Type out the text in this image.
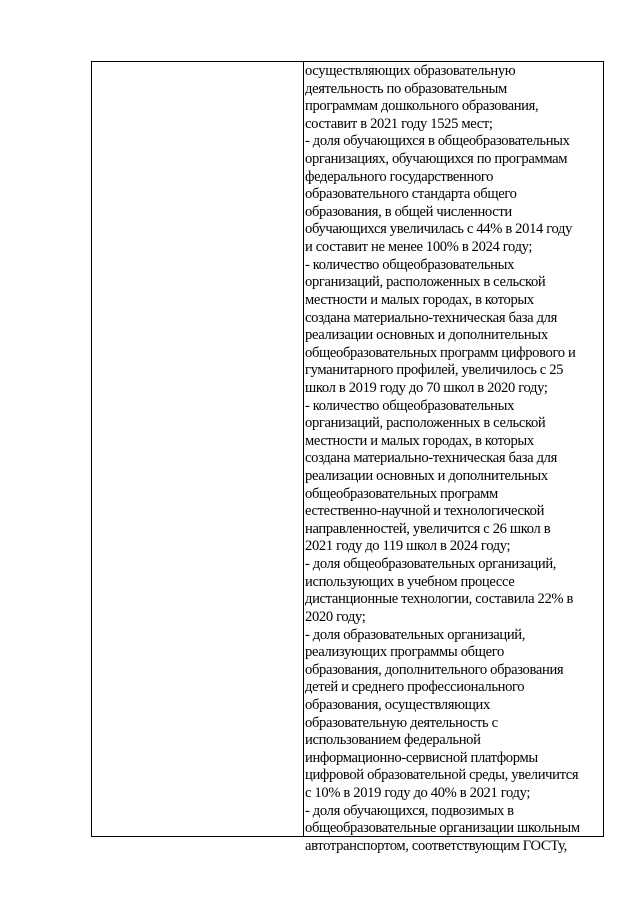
осуществляющих образовательную
деятельность по образовательным
программам дошкольного образования,
составит в 2021 году 1525 мест;
- доля обучающихся в общеобразовательных
организациях, обучающихся по программам
федерального государственного
образовательного стандарта общего
образования, в общей численности
обучающихся увеличилась с 44% в 2014 году
и составит не менее 100% в 2024 году;
- количество общеобразовательных
организаций, расположенных в сельской
местности и малых городах, в которых
создана материально-техническая база для
реализации основных и дополнительных
общеобразовательных программ цифрового и
гуманитарного профилей, увеличилось с 25
школ в 2019 году до 70 школ в 2020 году;
- количество общеобразовательных
организаций, расположенных в сельской
местности и малых городах, в которых
создана материально-техническая база для
реализации основных и дополнительных
общеобразовательных программ
естественно-научной и технологической
направленностей, увеличится с 26 школ в
2021 году до 119 школ в 2024 году;
- доля общеобразовательных организаций,
использующих в учебном процессе
дистанционные технологии, составила 22% в
2020 году;
- доля образовательных организаций,
реализующих программы общего
образования, дополнительного образования
детей и среднего профессионального
образования, осуществляющих
образовательную деятельность с
использованием федеральной
информационно-сервисной платформы
цифровой образовательной среды, увеличится
с 10% в 2019 году до 40% в 2021 году;
- доля обучающихся, подвозимых в
общеобразовательные организации школьным
автотранспортом, соответствующим ГОСТу,
